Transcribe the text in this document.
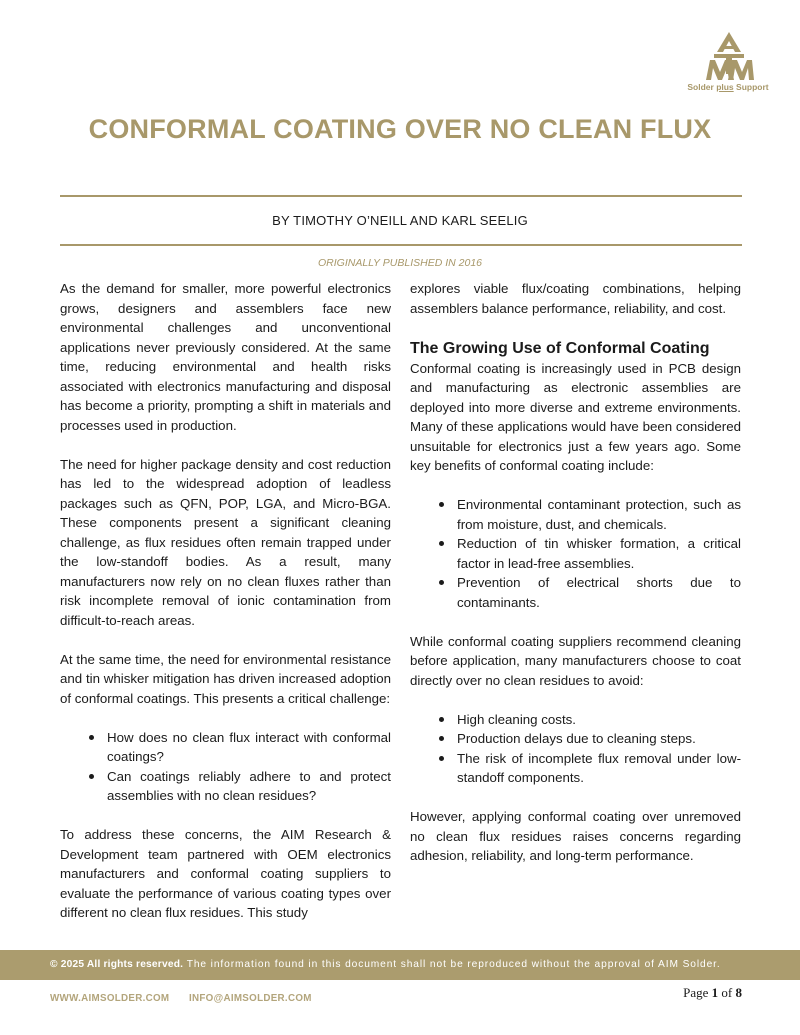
Solder plus Support
CONFORMAL COATING OVER NO CLEAN FLUX
BY TIMOTHY O’NEILL AND KARL SEELIG
ORIGINALLY PUBLISHED IN 2016

As the demand for smaller, more powerful electronics grows, designers and assemblers face new environmental challenges and unconventional applications never previously considered. At the same time, reducing environmental and health risks associated with electronics manufacturing and disposal has become a priority, prompting a shift in materials and processes used in production.

The need for higher package density and cost reduction has led to the widespread adoption of leadless packages such as QFN, POP, LGA, and Micro-BGA. These components present a significant cleaning challenge, as flux residues often remain trapped under the low-standoff bodies. As a result, many manufacturers now rely on no clean fluxes rather than risk incomplete removal of ionic contamination from difficult-to-reach areas.

At the same time, the need for environmental resistance and tin whisker mitigation has driven increased adoption of conformal coatings. This presents a critical challenge:

How does no clean flux interact with conformal coatings?
Can coatings reliably adhere to and protect assemblies with no clean residues?

To address these concerns, the AIM Research & Development team partnered with OEM electronics manufacturers and conformal coating suppliers to evaluate the performance of various coating types over different no clean flux residues. This study

explores viable flux/coating combinations, helping assemblers balance performance, reliability, and cost.

The Growing Use of Conformal Coating

Conformal coating is increasingly used in PCB design and manufacturing as electronic assemblies are deployed into more diverse and extreme environments. Many of these applications would have been considered unsuitable for electronics just a few years ago. Some key benefits of conformal coating include:

Environmental contaminant protection, such as from moisture, dust, and chemicals.
Reduction of tin whisker formation, a critical factor in lead-free assemblies.
Prevention of electrical shorts due to contaminants.

While conformal coating suppliers recommend cleaning before application, many manufacturers choose to coat directly over no clean residues to avoid:

High cleaning costs.
Production delays due to cleaning steps.
The risk of incomplete flux removal under low-standoff components.

However, applying conformal coating over unremoved no clean flux residues raises concerns regarding adhesion, reliability, and long-term performance.

© 2025 All rights reserved. The information found in this document shall not be reproduced without the approval of AIM Solder.
WWW.AIMSOLDER.COM INFO@AIMSOLDER.COM	Page 1 of 8
